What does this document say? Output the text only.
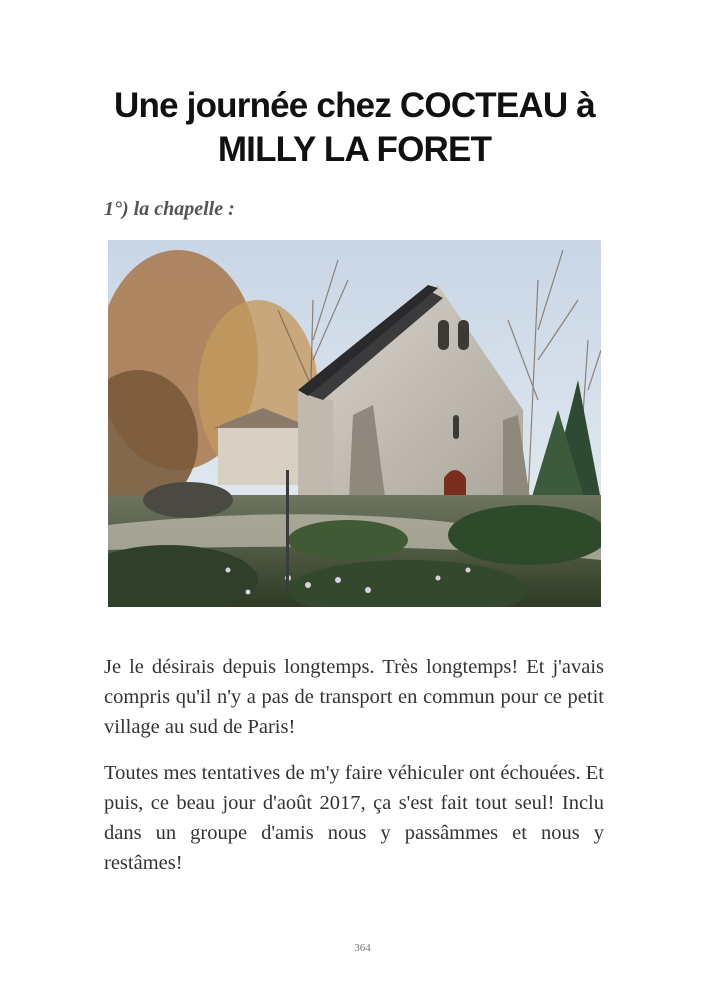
Une journée chez COCTEAU à
MILLY LA FORET
1°) la chapelle :

Je le désirais depuis longtemps. Très longtemps! Et j'avais compris qu'il n'y a pas de transport en commun pour ce petit village au sud de Paris!

Toutes mes tentatives de m'y faire véhiculer ont échouées. Et puis, ce beau jour d'août 2017, ça s'est fait tout seul! Inclu dans un groupe d'amis nous y passâmmes et nous y restâmes!

364
